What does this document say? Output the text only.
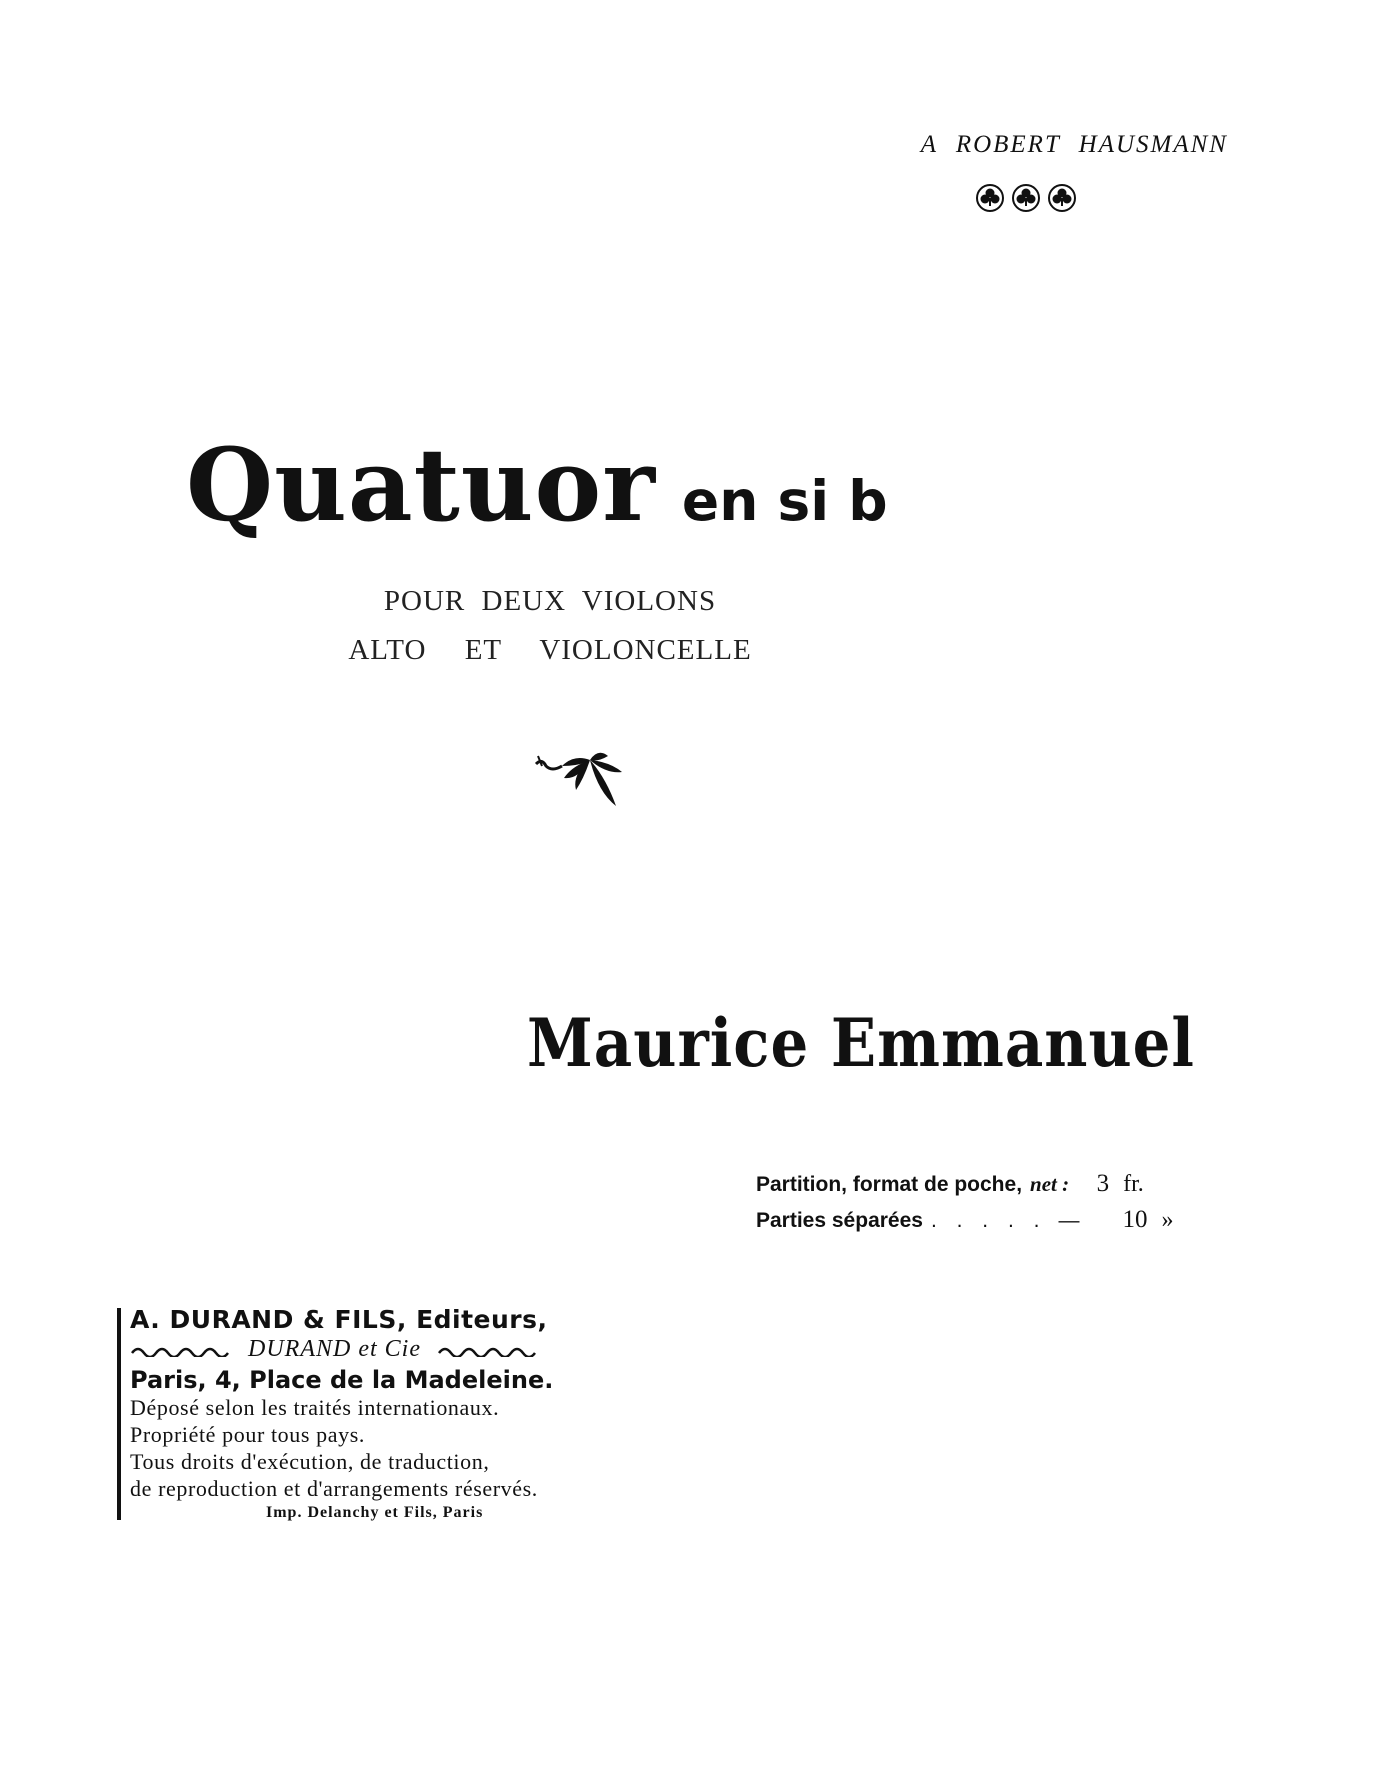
A ROBERT HAUSMANN
Quatuor en si b
POUR DEUX VIOLONS
ALTO ET VIOLONCELLE
Maurice Emmanuel
Partition, format de poche, net :	3 fr.
Parties séparées . . . . . —	10 »
A. DURAND & FILS, Editeurs,
DURAND et Cie
Paris, 4, Place de la Madeleine.
Déposé selon les traités internationaux.
Propriété pour tous pays.
Tous droits d'exécution, de traduction,
de reproduction et d'arrangements réservés.
Imp. Delanchy et Fils, Paris
